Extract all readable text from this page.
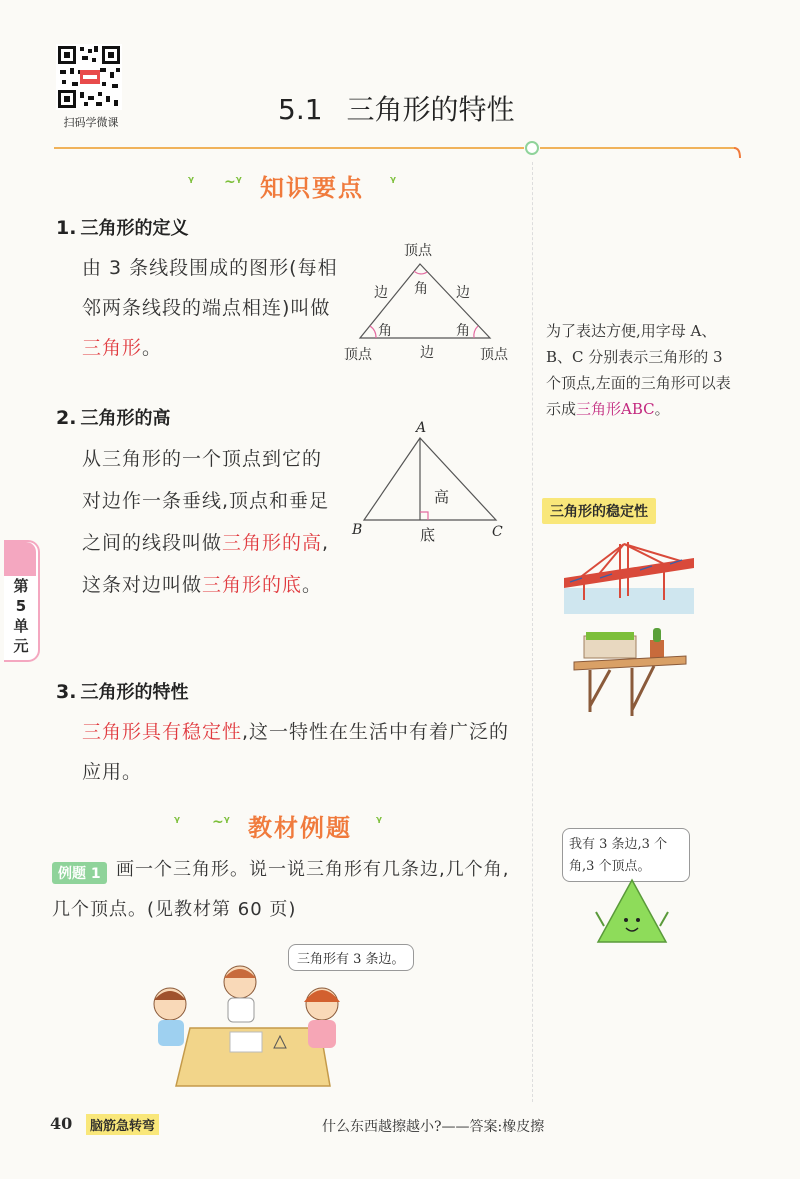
扫码学微课	5.1 三角形的特性
ᵞ ~ᵞ 知识要点 ᵞ
1. 三角形的定义
由 3 条线段围成的图形(每相邻两条线段的端点相连)叫做三角形。
顶点
边 角 边
角	角
顶点	边	顶点
2. 三角形的高
从三角形的一个顶点到它的对边作一条垂线,顶点和垂足之间的线段叫做三角形的高,这条对边叫做三角形的底。
A
高
B	底	C
3. 三角形的特性
三角形具有稳定性,这一特性在生活中有着广泛的应用。
ᵞ ~ᵞ 教材例题 ᵞ
例题 1 画一个三角形。说一说三角形有几条边,几个角,几个顶点。(见教材第 60 页)
三角形有 3 条边。
为了表达方便,用字母 A、B、C 分别表示三角形的 3 个顶点,左面的三角形可以表示成三角形ABC。
三角形的稳定性
我有 3 条边,3 个角,3 个顶点。
第
5
单
元
40	脑筋急转弯	什么东西越擦越小?——答案:橡皮擦
